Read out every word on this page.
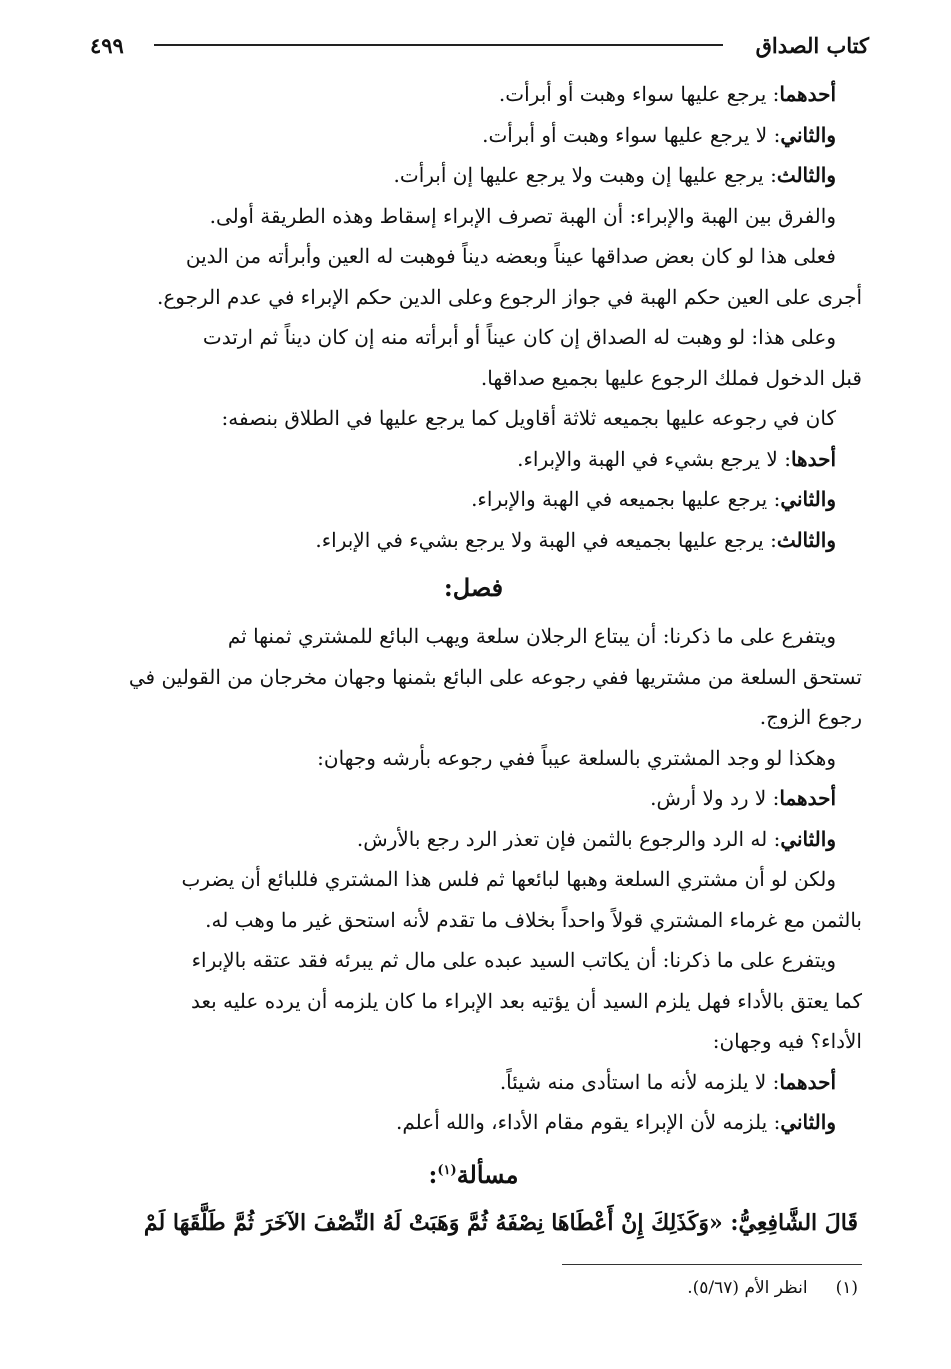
كتاب الصداق
٤٩٩

أحدهما: يرجع عليها سواء وهبت أو أبرأت.

والثاني: لا يرجع عليها سواء وهبت أو أبرأت.

والثالث: يرجع عليها إن وهبت ولا يرجع عليها إن أبرأت.

والفرق بين الهبة والإبراء: أن الهبة تصرف الإبراء إسقاط وهذه الطريقة أولى.

فعلى هذا لو كان بعض صداقها عيناً وبعضه ديناً فوهبت له العين وأبرأته من الدين

أجرى على العين حكم الهبة في جواز الرجوع وعلى الدين حكم الإبراء في عدم الرجوع.

وعلى هذا: لو وهبت له الصداق إن كان عيناً أو أبرأته منه إن كان ديناً ثم ارتدت

قبل الدخول فملك الرجوع عليها بجميع صداقها.

كان في رجوعه عليها بجميعه ثلاثة أقاويل كما يرجع عليها في الطلاق بنصفه:

أحدها: لا يرجع بشيء في الهبة والإبراء.

والثاني: يرجع عليها بجميعه في الهبة والإبراء.

والثالث: يرجع عليها بجميعه في الهبة ولا يرجع بشيء في الإبراء.

فصل:

ويتفرع على ما ذكرنا: أن يبتاع الرجلان سلعة ويهب البائع للمشتري ثمنها ثم

تستحق السلعة من مشتريها ففي رجوعه على البائع بثمنها وجهان مخرجان من القولين في

رجوع الزوج.

وهكذا لو وجد المشتري بالسلعة عيباً ففي رجوعه بأرشه وجهان:

أحدهما: لا رد ولا أرش.

والثاني: له الرد والرجوع بالثمن فإن تعذر الرد رجع بالأرش.

ولكن لو أن مشتري السلعة وهبها لبائعها ثم فلس هذا المشتري فللبائع أن يضرب

بالثمن مع غرماء المشتري قولاً واحداً بخلاف ما تقدم لأنه استحق غير ما وهب له.

ويتفرع على ما ذكرنا: أن يكاتب السيد عبده على مال ثم يبرئه فقد عتقه بالإبراء

كما يعتق بالأداء فهل يلزم السيد أن يؤتيه بعد الإبراء ما كان يلزمه أن يرده عليه بعد

الأداء؟ فيه وجهان:

أحدهما: لا يلزمه لأنه ما استأدى منه شيئاً.

والثاني: يلزمه لأن الإبراء يقوم مقام الأداء، والله أعلم.

مسألة$^{(١)}$:

قَالَ الشَّافِعِيُّ: «وَكَذَلِكَ إِنْ أَعْطَاهَا نِصْفَهُ ثُمَّ وَهَبَتْ لَهُ النِّصْفَ الآخَرَ ثُمَّ طَلَّقَهَا لَمْ

(١)انظر الأم (٥/٦٧).
